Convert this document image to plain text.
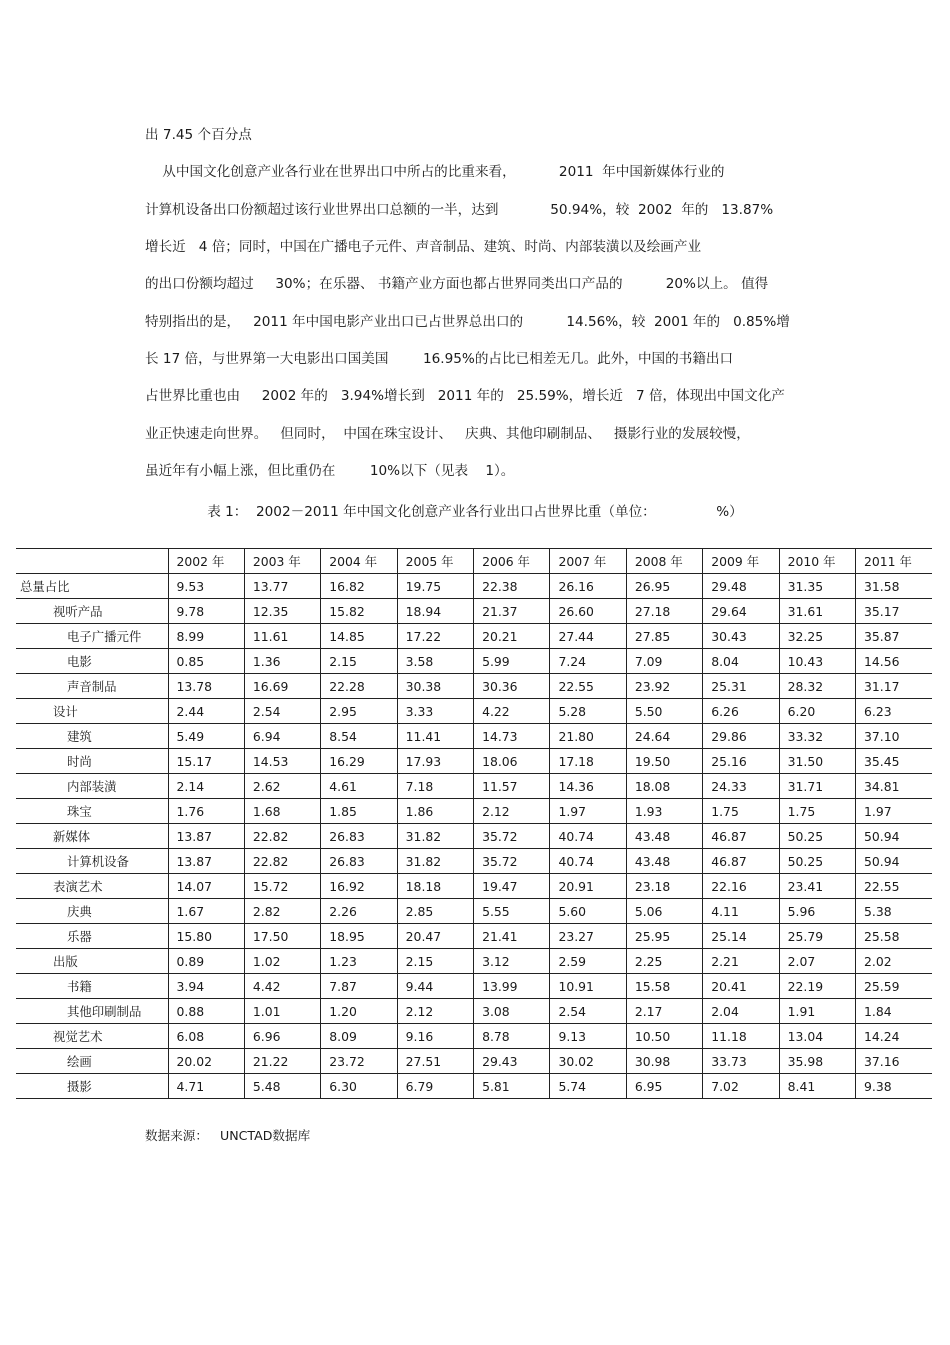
出 7.45 个百分点
从中国文化创意产业各行业在世界出口中所占的比重来看，          2011  年中国新媒体行业的
计算机设备出口份额超过该行业世界出口总额的一半，达到            50.94%，较  2002  年的   13.87%
增长近   4 倍；同时，中国在广播电子元件、声音制品、建筑、时尚、内部装潢以及绘画产业
的出口份额均超过     30%；在乐器、 书籍产业方面也都占世界同类出口产品的          20%以上。 值得
特别指出的是，   2011 年中国电影产业出口已占世界总出口的          14.56%，较  2001 年的   0.85%增
长 17 倍，与世界第一大电影出口国美国        16.95%的占比已相差无几。此外，中国的书籍出口
占世界比重也由     2002 年的   3.94%增长到   2011 年的   25.59%，增长近   7 倍，体现出中国文化产
业正快速走向世界。   但同时，  中国在珠宝设计、   庆典、其他印刷制品、   摄影行业的发展较慢，
虽近年有小幅上涨，但比重仍在        10%以下（见表    1）。
表 1：  2002－2011 年中国文化创意产业各行业出口占世界比重（单位：              %）
	2002 年	2003 年	2004 年	2005 年	2006 年	2007 年	2008 年	2009 年	2010 年	2011 年
总量占比	9.53	13.77	16.82	19.75	22.38	26.16	26.95	29.48	31.35	31.58
视听产品	9.78	12.35	15.82	18.94	21.37	26.60	27.18	29.64	31.61	35.17
电子广播元件	8.99	11.61	14.85	17.22	20.21	27.44	27.85	30.43	32.25	35.87
电影	0.85	1.36	2.15	3.58	5.99	7.24	7.09	8.04	10.43	14.56
声音制品	13.78	16.69	22.28	30.38	30.36	22.55	23.92	25.31	28.32	31.17
设计	2.44	2.54	2.95	3.33	4.22	5.28	5.50	6.26	6.20	6.23
建筑	5.49	6.94	8.54	11.41	14.73	21.80	24.64	29.86	33.32	37.10
时尚	15.17	14.53	16.29	17.93	18.06	17.18	19.50	25.16	31.50	35.45
内部装潢	2.14	2.62	4.61	7.18	11.57	14.36	18.08	24.33	31.71	34.81
珠宝	1.76	1.68	1.85	1.86	2.12	1.97	1.93	1.75	1.75	1.97
新媒体	13.87	22.82	26.83	31.82	35.72	40.74	43.48	46.87	50.25	50.94
计算机设备	13.87	22.82	26.83	31.82	35.72	40.74	43.48	46.87	50.25	50.94
表演艺术	14.07	15.72	16.92	18.18	19.47	20.91	23.18	22.16	23.41	22.55
庆典	1.67	2.82	2.26	2.85	5.55	5.60	5.06	4.11	5.96	5.38
乐器	15.80	17.50	18.95	20.47	21.41	23.27	25.95	25.14	25.79	25.58
出版	0.89	1.02	1.23	2.15	3.12	2.59	2.25	2.21	2.07	2.02
书籍	3.94	4.42	7.87	9.44	13.99	10.91	15.58	20.41	22.19	25.59
其他印刷制品	0.88	1.01	1.20	2.12	3.08	2.54	2.17	2.04	1.91	1.84
视觉艺术	6.08	6.96	8.09	9.16	8.78	9.13	10.50	11.18	13.04	14.24
绘画	20.02	21.22	23.72	27.51	29.43	30.02	30.98	33.73	35.98	37.16
摄影	4.71	5.48	6.30	6.79	5.81	5.74	6.95	7.02	8.41	9.38
数据来源：   UNCTAD数据库
